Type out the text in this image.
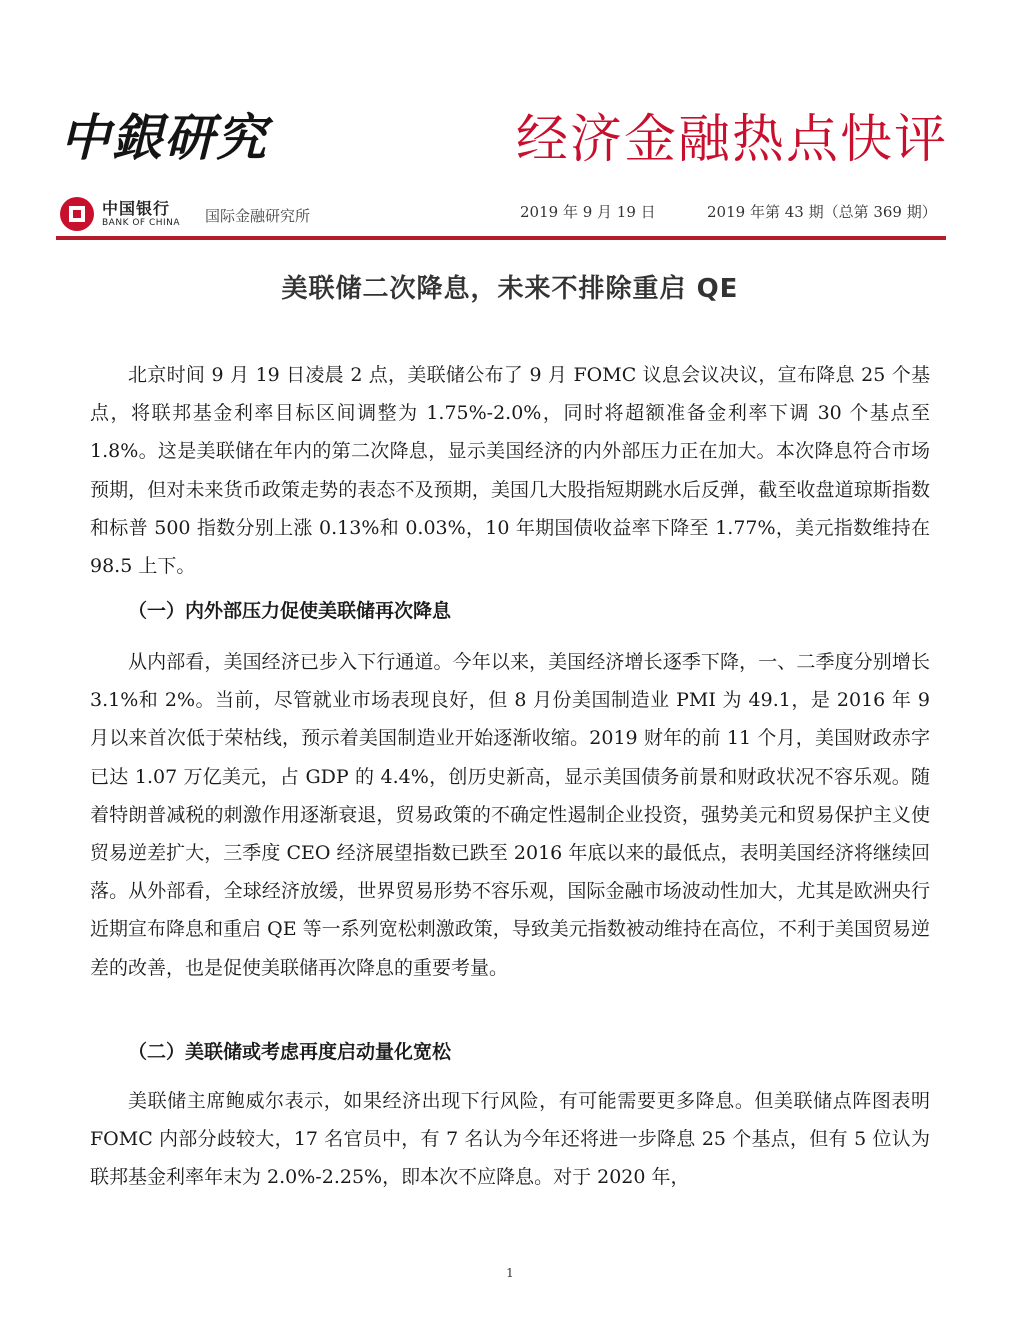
中銀研究	经济金融热点快评
中国银行
BANK OF CHINA 国际金融研究所	2019 年 9 月 19 日	2019 年第 43 期（总第 369 期）
美联储二次降息，未来不排除重启 QE

北京时间 9 月 19 日凌晨 2 点，美联储公布了 9 月 FOMC 议息会议决议，宣布降息 25 个基点，将联邦基金利率目标区间调整为 1.75%-2.0%，同时将超额准备金利率下调 30 个基点至 1.8%。这是美联储在年内的第二次降息，显示美国经济的内外部压力正在加大。本次降息符合市场预期，但对未来货币政策走势的表态不及预期，美国几大股指短期跳水后反弹，截至收盘道琼斯指数和标普 500 指数分别上涨 0.13%和 0.03%，10 年期国债收益率下降至 1.77%，美元指数维持在 98.5 上下。

（一）内外部压力促使美联储再次降息

从内部看，美国经济已步入下行通道。今年以来，美国经济增长逐季下降，一、二季度分别增长 3.1%和 2%。当前，尽管就业市场表现良好，但 8 月份美国制造业 PMI 为 49.1，是 2016 年 9 月以来首次低于荣枯线，预示着美国制造业开始逐渐收缩。2019 财年的前 11 个月，美国财政赤字已达 1.07 万亿美元，占 GDP 的 4.4%，创历史新高，显示美国债务前景和财政状况不容乐观。随着特朗普减税的刺激作用逐渐衰退，贸易政策的不确定性遏制企业投资，强势美元和贸易保护主义使贸易逆差扩大，三季度 CEO 经济展望指数已跌至 2016 年底以来的最低点，表明美国经济将继续回落。从外部看，全球经济放缓，世界贸易形势不容乐观，国际金融市场波动性加大，尤其是欧洲央行近期宣布降息和重启 QE 等一系列宽松刺激政策，导致美元指数被动维持在高位，不利于美国贸易逆差的改善，也是促使美联储再次降息的重要考量。

（二）美联储或考虑再度启动量化宽松

美联储主席鲍威尔表示，如果经济出现下行风险，有可能需要更多降息。但美联储点阵图表明 FOMC 内部分歧较大，17 名官员中，有 7 名认为今年还将进一步降息 25 个基点，但有 5 位认为联邦基金利率年末为 2.0%-2.25%，即本次不应降息。对于 2020 年，

1
